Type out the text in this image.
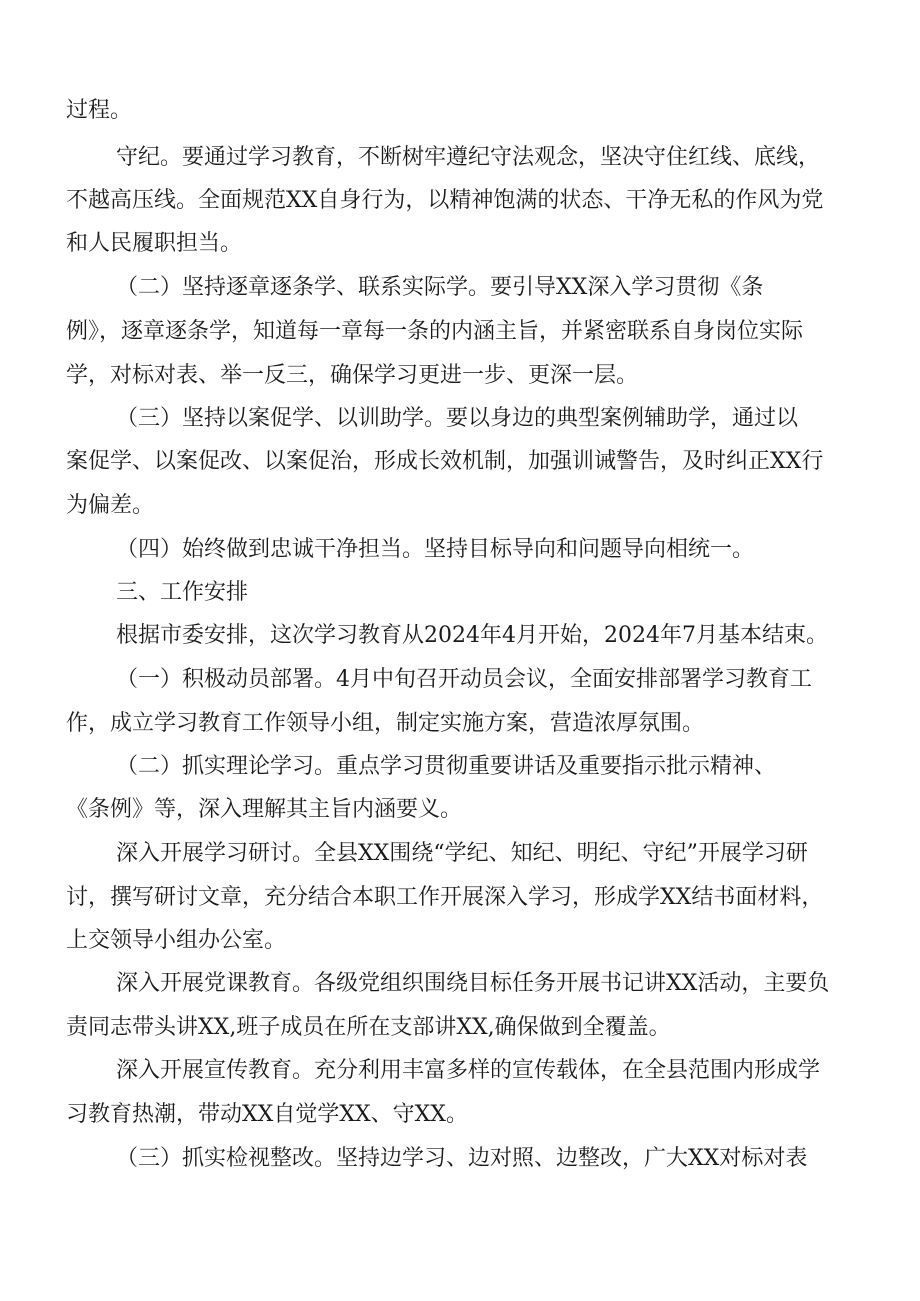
过程。
守纪。要通过学习教育，不断树牢遵纪守法观念，坚决守住红线、底线，
不越高压线。全面规范XX自身行为，以精神饱满的状态、干净无私的作风为党
和人民履职担当。
（二）坚持逐章逐条学、联系实际学。要引导XX深入学习贯彻《条
例》，逐章逐条学，知道每一章每一条的内涵主旨，并紧密联系自身岗位实际
学，对标对表、举一反三，确保学习更进一步、更深一层。
（三）坚持以案促学、以训助学。要以身边的典型案例辅助学，通过以
案促学、以案促改、以案促治，形成长效机制，加强训诫警告，及时纠正XX行
为偏差。
（四）始终做到忠诚干净担当。坚持目标导向和问题导向相统一。
三、工作安排
根据市委安排，这次学习教育从2024年4月开始，2024年7月基本结束。
（一）积极动员部署。4月中旬召开动员会议，全面安排部署学习教育工
作，成立学习教育工作领导小组，制定实施方案，营造浓厚氛围。
（二）抓实理论学习。重点学习贯彻重要讲话及重要指示批示精神、
《条例》等，深入理解其主旨内涵要义。
深入开展学习研讨。全县XX围绕“学纪、知纪、明纪、守纪”开展学习研
讨，撰写研讨文章，充分结合本职工作开展深入学习，形成学XX结书面材料，
上交领导小组办公室。
深入开展党课教育。各级党组织围绕目标任务开展书记讲XX活动，主要负
责同志带头讲XX,班子成员在所在支部讲XX,确保做到全覆盖。
深入开展宣传教育。充分利用丰富多样的宣传载体，在全县范围内形成学
习教育热潮，带动XX自觉学XX、守XX。
（三）抓实检视整改。坚持边学习、边对照、边整改，广大XX对标对表
